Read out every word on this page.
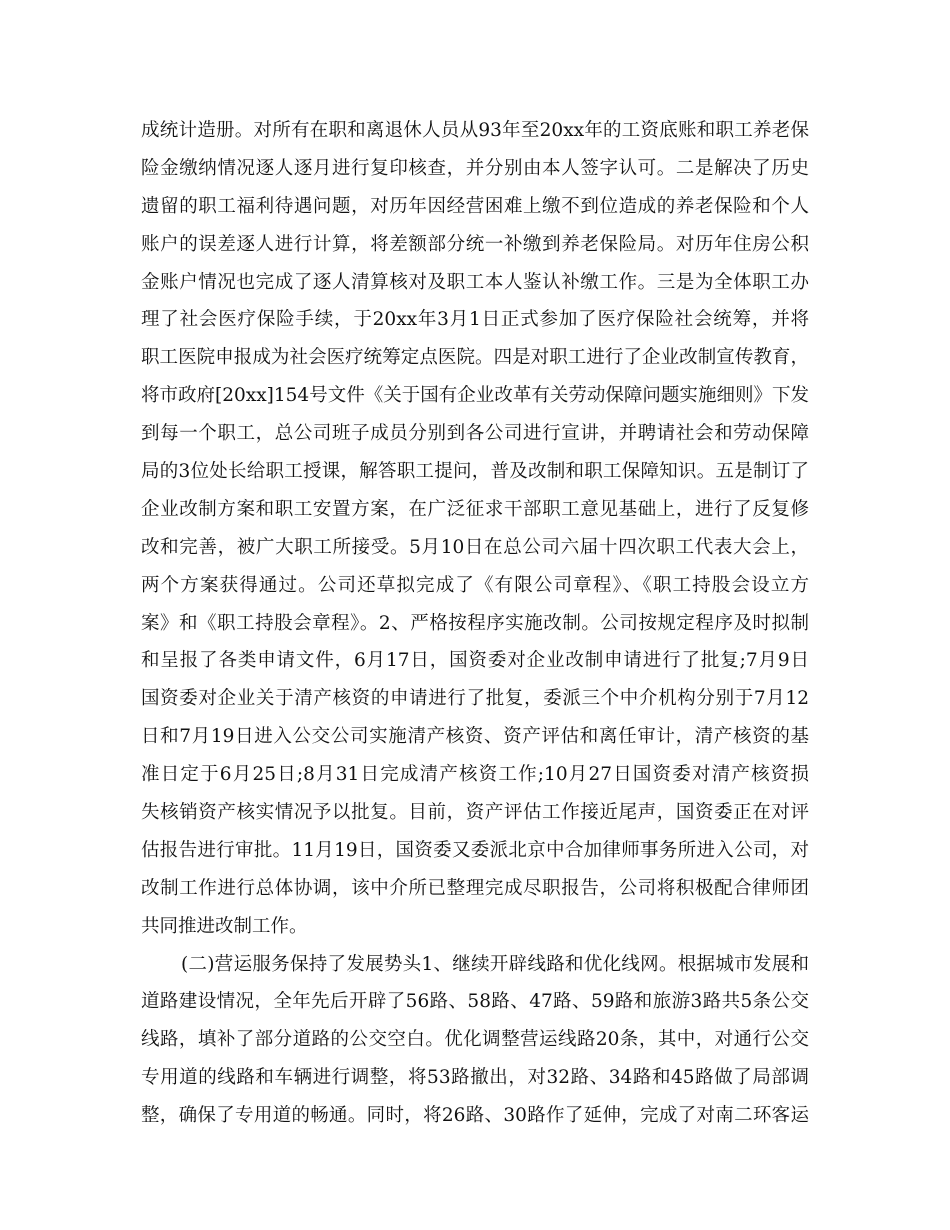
成统计造册。对所有在职和离退休人员从93年至20xx年的工资底账和职工养老保
险金缴纳情况逐人逐月进行复印核查，并分别由本人签字认可。二是解决了历史
遗留的职工福利待遇问题，对历年因经营困难上缴不到位造成的养老保险和个人
账户的误差逐人进行计算，将差额部分统一补缴到养老保险局。对历年住房公积
金账户情况也完成了逐人清算核对及职工本人鉴认补缴工作。三是为全体职工办
理了社会医疗保险手续，于20xx年3月1日正式参加了医疗保险社会统筹，并将
职工医院申报成为社会医疗统筹定点医院。四是对职工进行了企业改制宣传教育，
将市政府[20xx]154号文件《关于国有企业改革有关劳动保障问题实施细则》下发
到每一个职工，总公司班子成员分别到各公司进行宣讲，并聘请社会和劳动保障
局的3位处长给职工授课，解答职工提问，普及改制和职工保障知识。五是制订了
企业改制方案和职工安置方案，在广泛征求干部职工意见基础上，进行了反复修
改和完善，被广大职工所接受。5月10日在总公司六届十四次职工代表大会上，
两个方案获得通过。公司还草拟完成了《有限公司章程》、《职工持股会设立方
案》和《职工持股会章程》。2、严格按程序实施改制。公司按规定程序及时拟制
和呈报了各类申请文件，6月17日，国资委对企业改制申请进行了批复;7月9日
国资委对企业关于清产核资的申请进行了批复，委派三个中介机构分别于7月12
日和7月19日进入公交公司实施清产核资、资产评估和离任审计，清产核资的基
准日定于6月25日;8月31日完成清产核资工作;10月27日国资委对清产核资损
失核销资产核实情况予以批复。目前，资产评估工作接近尾声，国资委正在对评
估报告进行审批。11月19日，国资委又委派北京中合加律师事务所进入公司，对
改制工作进行总体协调，该中介所已整理完成尽职报告，公司将积极配合律师团
共同推进改制工作。
(二)营运服务保持了发展势头1、继续开辟线路和优化线网。根据城市发展和
道路建设情况，全年先后开辟了56路、58路、47路、59路和旅游3路共5条公交
线路，填补了部分道路的公交空白。优化调整营运线路20条，其中，对通行公交
专用道的线路和车辆进行调整，将53路撤出，对32路、34路和45路做了局部调
整，确保了专用道的畅通。同时，将26路、30路作了延伸，完成了对南二环客运
